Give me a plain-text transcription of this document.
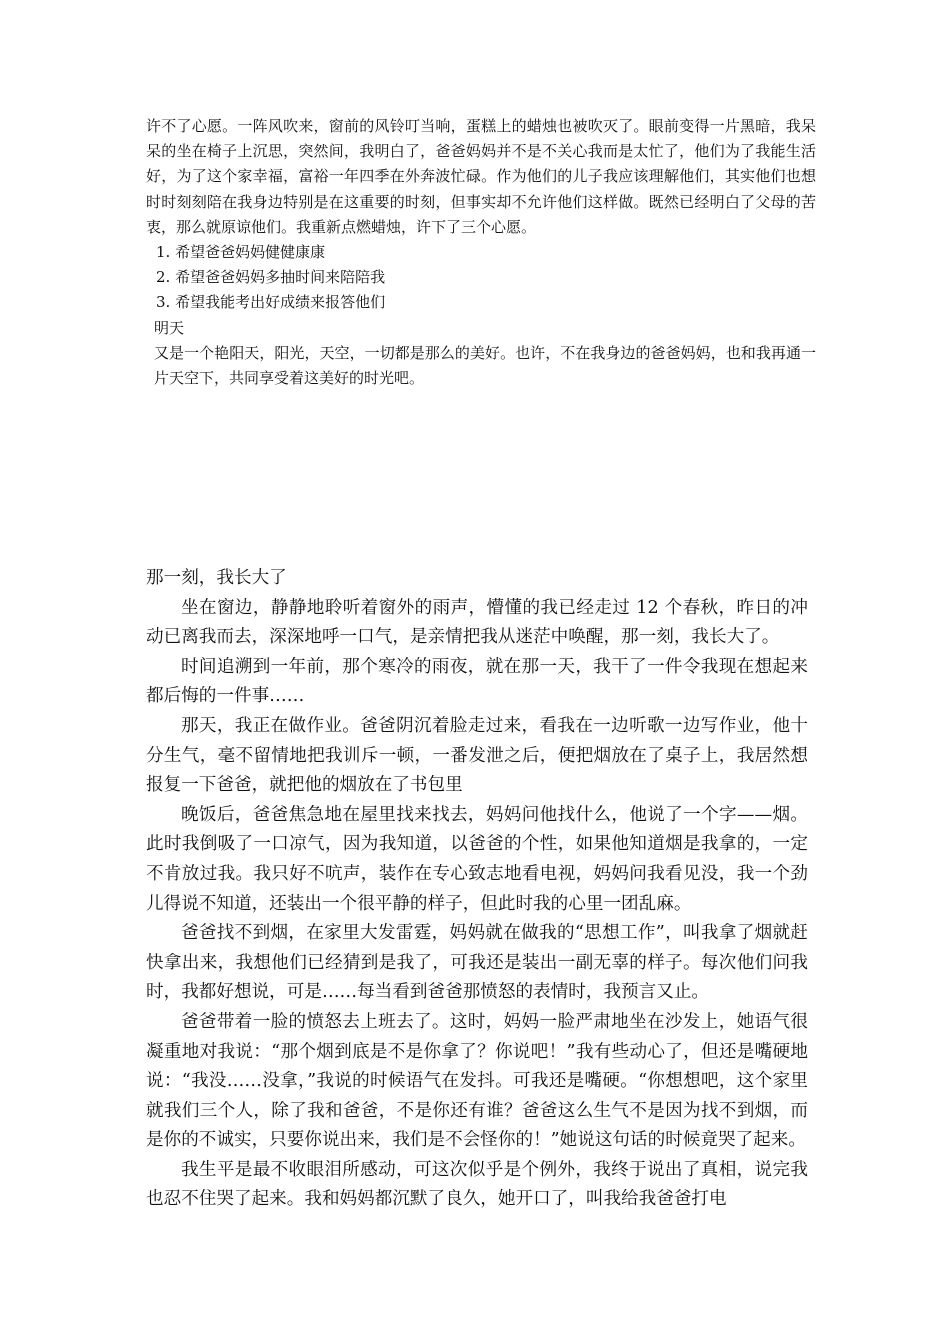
许不了心愿。一阵风吹来，窗前的风铃叮当响，蛋糕上的蜡烛也被吹灭了。眼前变得一片黑暗，我呆呆的坐在椅子上沉思，突然间，我明白了，爸爸妈妈并不是不关心我而是太忙了，他们为了我能生活好，为了这个家幸福，富裕一年四季在外奔波忙碌。作为他们的儿子我应该理解他们，其实他们也想时时刻刻陪在我身边特别是在这重要的时刻，但事实却不允许他们这样做。既然已经明白了父母的苦衷，那么就原谅他们。我重新点燃蜡烛，许下了三个心愿。

1. 希望爸爸妈妈健健康康
2. 希望爸爸妈妈多抽时间来陪陪我
3. 希望我能考出好成绩来报答他们

明天

又是一个艳阳天，阳光，天空，一切都是那么的美好。也许，不在我身边的爸爸妈妈，也和我再通一片天空下，共同享受着这美好的时光吧。

那一刻，我长大了

坐在窗边，静静地聆听着窗外的雨声，懵懂的我已经走过 12 个春秋，昨日的冲动已离我而去，深深地呼一口气，是亲情把我从迷茫中唤醒，那一刻，我长大了。

时间追溯到一年前，那个寒冷的雨夜，就在那一天，我干了一件令我现在想起来都后悔的一件事……

那天，我正在做作业。爸爸阴沉着脸走过来，看我在一边听歌一边写作业，他十分生气，毫不留情地把我训斥一顿，一番发泄之后，便把烟放在了桌子上，我居然想报复一下爸爸，就把他的烟放在了书包里

晚饭后，爸爸焦急地在屋里找来找去，妈妈问他找什么，他说了一个字——烟。此时我倒吸了一口凉气，因为我知道，以爸爸的个性，如果他知道烟是我拿的，一定不肯放过我。我只好不吭声，装作在专心致志地看电视，妈妈问我看见没，我一个劲儿得说不知道，还装出一个很平静的样子，但此时我的心里一团乱麻。

爸爸找不到烟，在家里大发雷霆，妈妈就在做我的“思想工作”，叫我拿了烟就赶快拿出来，我想他们已经猜到是我了，可我还是装出一副无辜的样子。每次他们问我时，我都好想说，可是……每当看到爸爸那愤怒的表情时，我预言又止。

爸爸带着一脸的愤怒去上班去了。这时，妈妈一脸严肃地坐在沙发上，她语气很凝重地对我说：“那个烟到底是不是你拿了？你说吧！”我有些动心了，但还是嘴硬地说：“我没……没拿，”我说的时候语气在发抖。可我还是嘴硬。“你想想吧，这个家里就我们三个人，除了我和爸爸，不是你还有谁？爸爸这么生气不是因为找不到烟，而是你的不诚实，只要你说出来，我们是不会怪你的！”她说这句话的时候竟哭了起来。

我生平是最不收眼泪所感动，可这次似乎是个例外，我终于说出了真相，说完我也忍不住哭了起来。我和妈妈都沉默了良久，她开口了，叫我给我爸爸打电
